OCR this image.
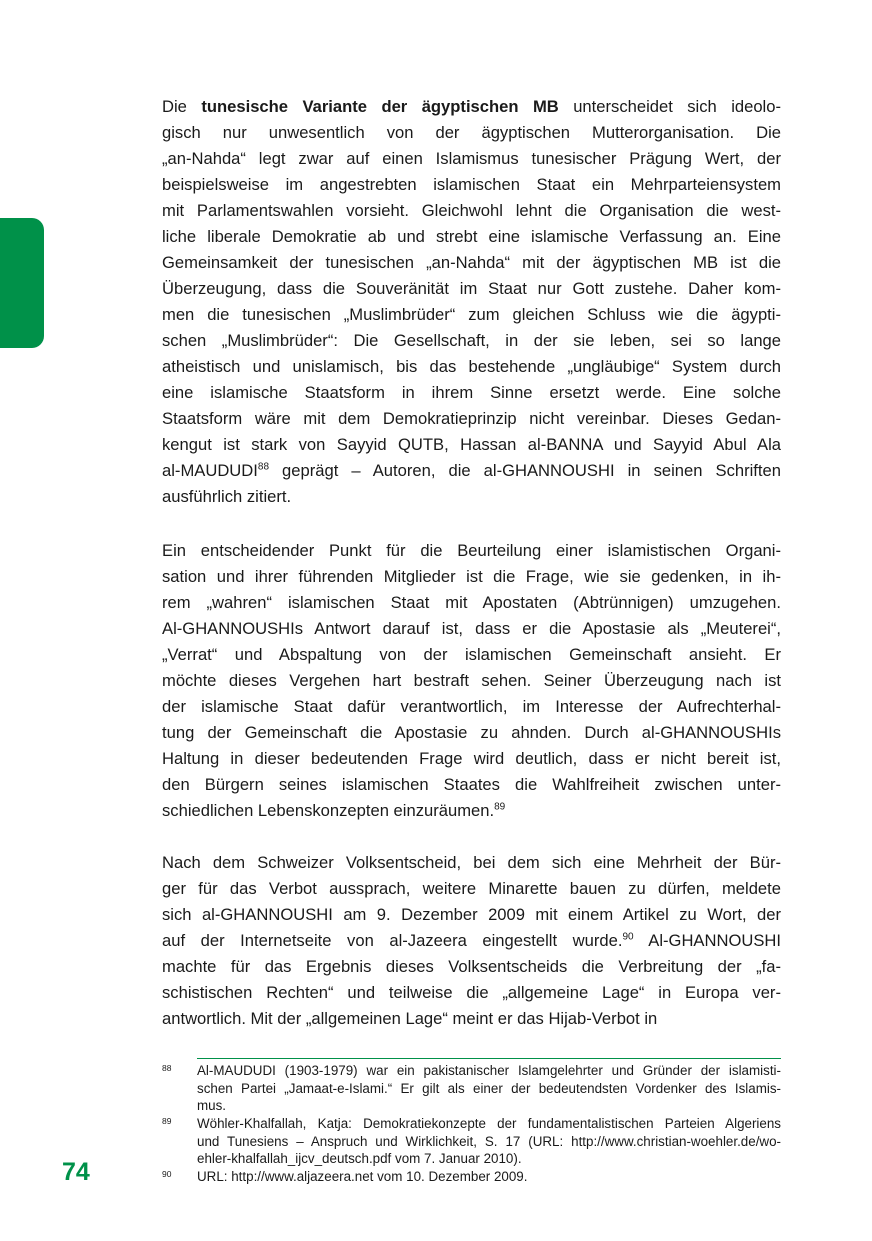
Die tunesische Variante der ägyptischen MB unterscheidet sich ideolo-
gisch nur unwesentlich von der ägyptischen Mutterorganisation. Die
„an-Nahda“ legt zwar auf einen Islamismus tunesischer Prägung Wert, der
beispielsweise im angestrebten islamischen Staat ein Mehrparteiensystem
mit Parlamentswahlen vorsieht. Gleichwohl lehnt die Organisation die west-
liche liberale Demokratie ab und strebt eine islamische Verfassung an. Eine
Gemeinsamkeit der tunesischen „an-Nahda“ mit der ägyptischen MB ist die
Überzeugung, dass die Souveränität im Staat nur Gott zustehe. Daher kom-
men die tunesischen „Muslimbrüder“ zum gleichen Schluss wie die ägypti-
schen „Muslimbrüder“: Die Gesellschaft, in der sie leben, sei so lange
atheistisch und unislamisch, bis das bestehende „ungläubige“ System durch
eine islamische Staatsform in ihrem Sinne ersetzt werde. Eine solche
Staatsform wäre mit dem Demokratieprinzip nicht vereinbar. Dieses Gedan-
kengut ist stark von Sayyid QUTB, Hassan al-BANNA und Sayyid Abul Ala
al-MAUDUDI$^{88}$ geprägt – Autoren, die al-GHANNOUSHI in seinen Schriften
ausführlich zitiert.

Ein entscheidender Punkt für die Beurteilung einer islamistischen Organi-
sation und ihrer führenden Mitglieder ist die Frage, wie sie gedenken, in ih-
rem „wahren“ islamischen Staat mit Apostaten (Abtrünnigen) umzugehen.
Al-GHANNOUSHIs Antwort darauf ist, dass er die Apostasie als „Meuterei“,
„Verrat“ und Abspaltung von der islamischen Gemeinschaft ansieht. Er
möchte dieses Vergehen hart bestraft sehen. Seiner Überzeugung nach ist
der islamische Staat dafür verantwortlich, im Interesse der Aufrechterhal-
tung der Gemeinschaft die Apostasie zu ahnden. Durch al-GHANNOUSHIs
Haltung in dieser bedeutenden Frage wird deutlich, dass er nicht bereit ist,
den Bürgern seines islamischen Staates die Wahlfreiheit zwischen unter-
schiedlichen Lebenskonzepten einzuräumen.$^{89}$

Nach dem Schweizer Volksentscheid, bei dem sich eine Mehrheit der Bür-
ger für das Verbot aussprach, weitere Minarette bauen zu dürfen, meldete
sich al-GHANNOUSHI am 9. Dezember 2009 mit einem Artikel zu Wort, der
auf der Internetseite von al-Jazeera eingestellt wurde.$^{90}$ Al-GHANNOUSHI
machte für das Ergebnis dieses Volksentscheids die Verbreitung der „fa-
schistischen Rechten“ und teilweise die „allgemeine Lage“ in Europa ver-
antwortlich. Mit der „allgemeinen Lage“ meint er das Hijab-Verbot in

88 Al-MAUDUDI (1903-1979) war ein pakistanischer Islamgelehrter und Gründer der islamisti-
schen Partei „Jamaat-e-Islami.“ Er gilt als einer der bedeutendsten Vordenker des Islamis-
mus.
89 Wöhler-Khalfallah, Katja: Demokratiekonzepte der fundamentalistischen Parteien Algeriens
und Tunesiens – Anspruch und Wirklichkeit, S. 17 (URL: http://www.christian-woehler.de/wo-
ehler-khalfallah_ijcv_deutsch.pdf vom 7. Januar 2010).
90 URL: http://www.aljazeera.net vom 10. Dezember 2009.
74
